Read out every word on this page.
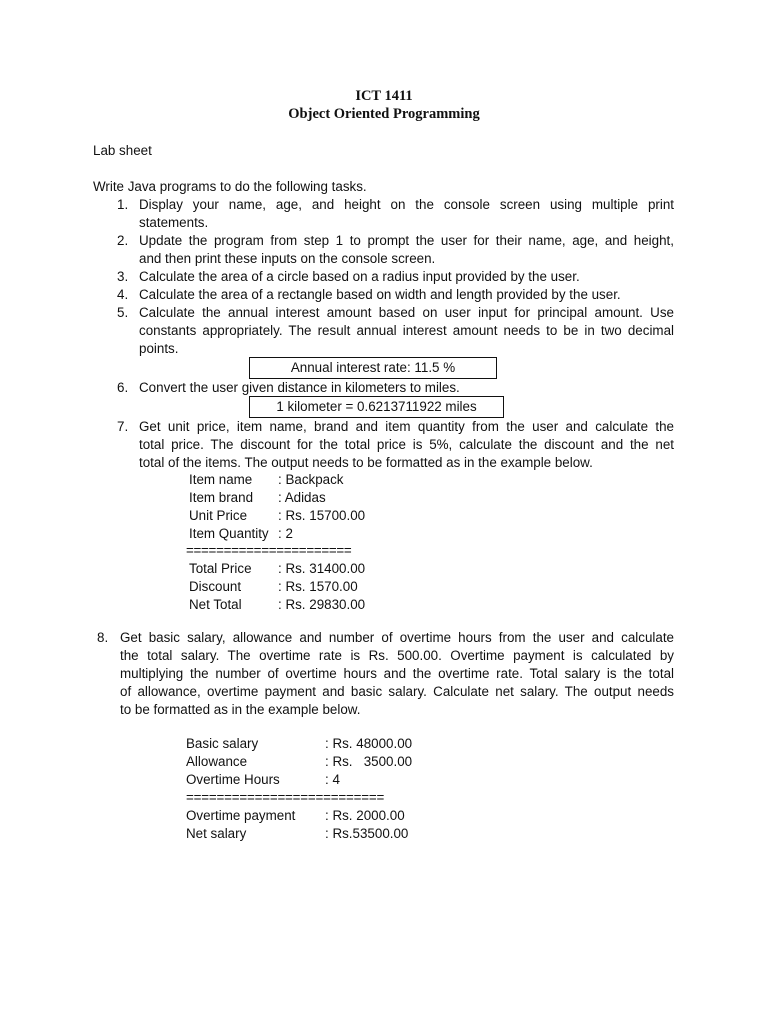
ICT 1411
Object Oriented Programming
Lab sheet
Write Java programs to do the following tasks.
1. Display your name, age, and height on the console screen using multiple print
statements.
2. Update the program from step 1 to prompt the user for their name, age, and height,
and then print these inputs on the console screen.
3. Calculate the area of a circle based on a radius input provided by the user.
4. Calculate the area of a rectangle based on width and length provided by the user.
5. Calculate the annual interest amount based on user input for principal amount. Use
constants appropriately. The result annual interest amount needs to be in two decimal
points.
Annual interest rate: 11.5 %
6. Convert the user given distance in kilometers to miles.
1 kilometer = 0.6213711922 miles
7. Get unit price, item name, brand and item quantity from the user and calculate the
total price. The discount for the total price is 5%, calculate the discount and the net
total of the items. The output needs to be formatted as in the example below.
Item name : Backpack
Item brand : Adidas
Unit Price : Rs. 15700.00
Item Quantity : 2
======================
Total Price : Rs. 31400.00
Discount	: Rs. 1570.00
Net Total	: Rs. 29830.00
8. Get basic salary, allowance and number of overtime hours from the user and calculate
the total salary. The overtime rate is Rs. 500.00. Overtime payment is calculated by
multiplying the number of overtime hours and the overtime rate. Total salary is the total
of allowance, overtime payment and basic salary. Calculate net salary. The output needs
to be formatted as in the example below.
Basic salary	: Rs. 48000.00
Allowance	: Rs.   3500.00
Overtime Hours	: 4
==========================
Overtime payment : Rs. 2000.00
Net salary	: Rs.53500.00
